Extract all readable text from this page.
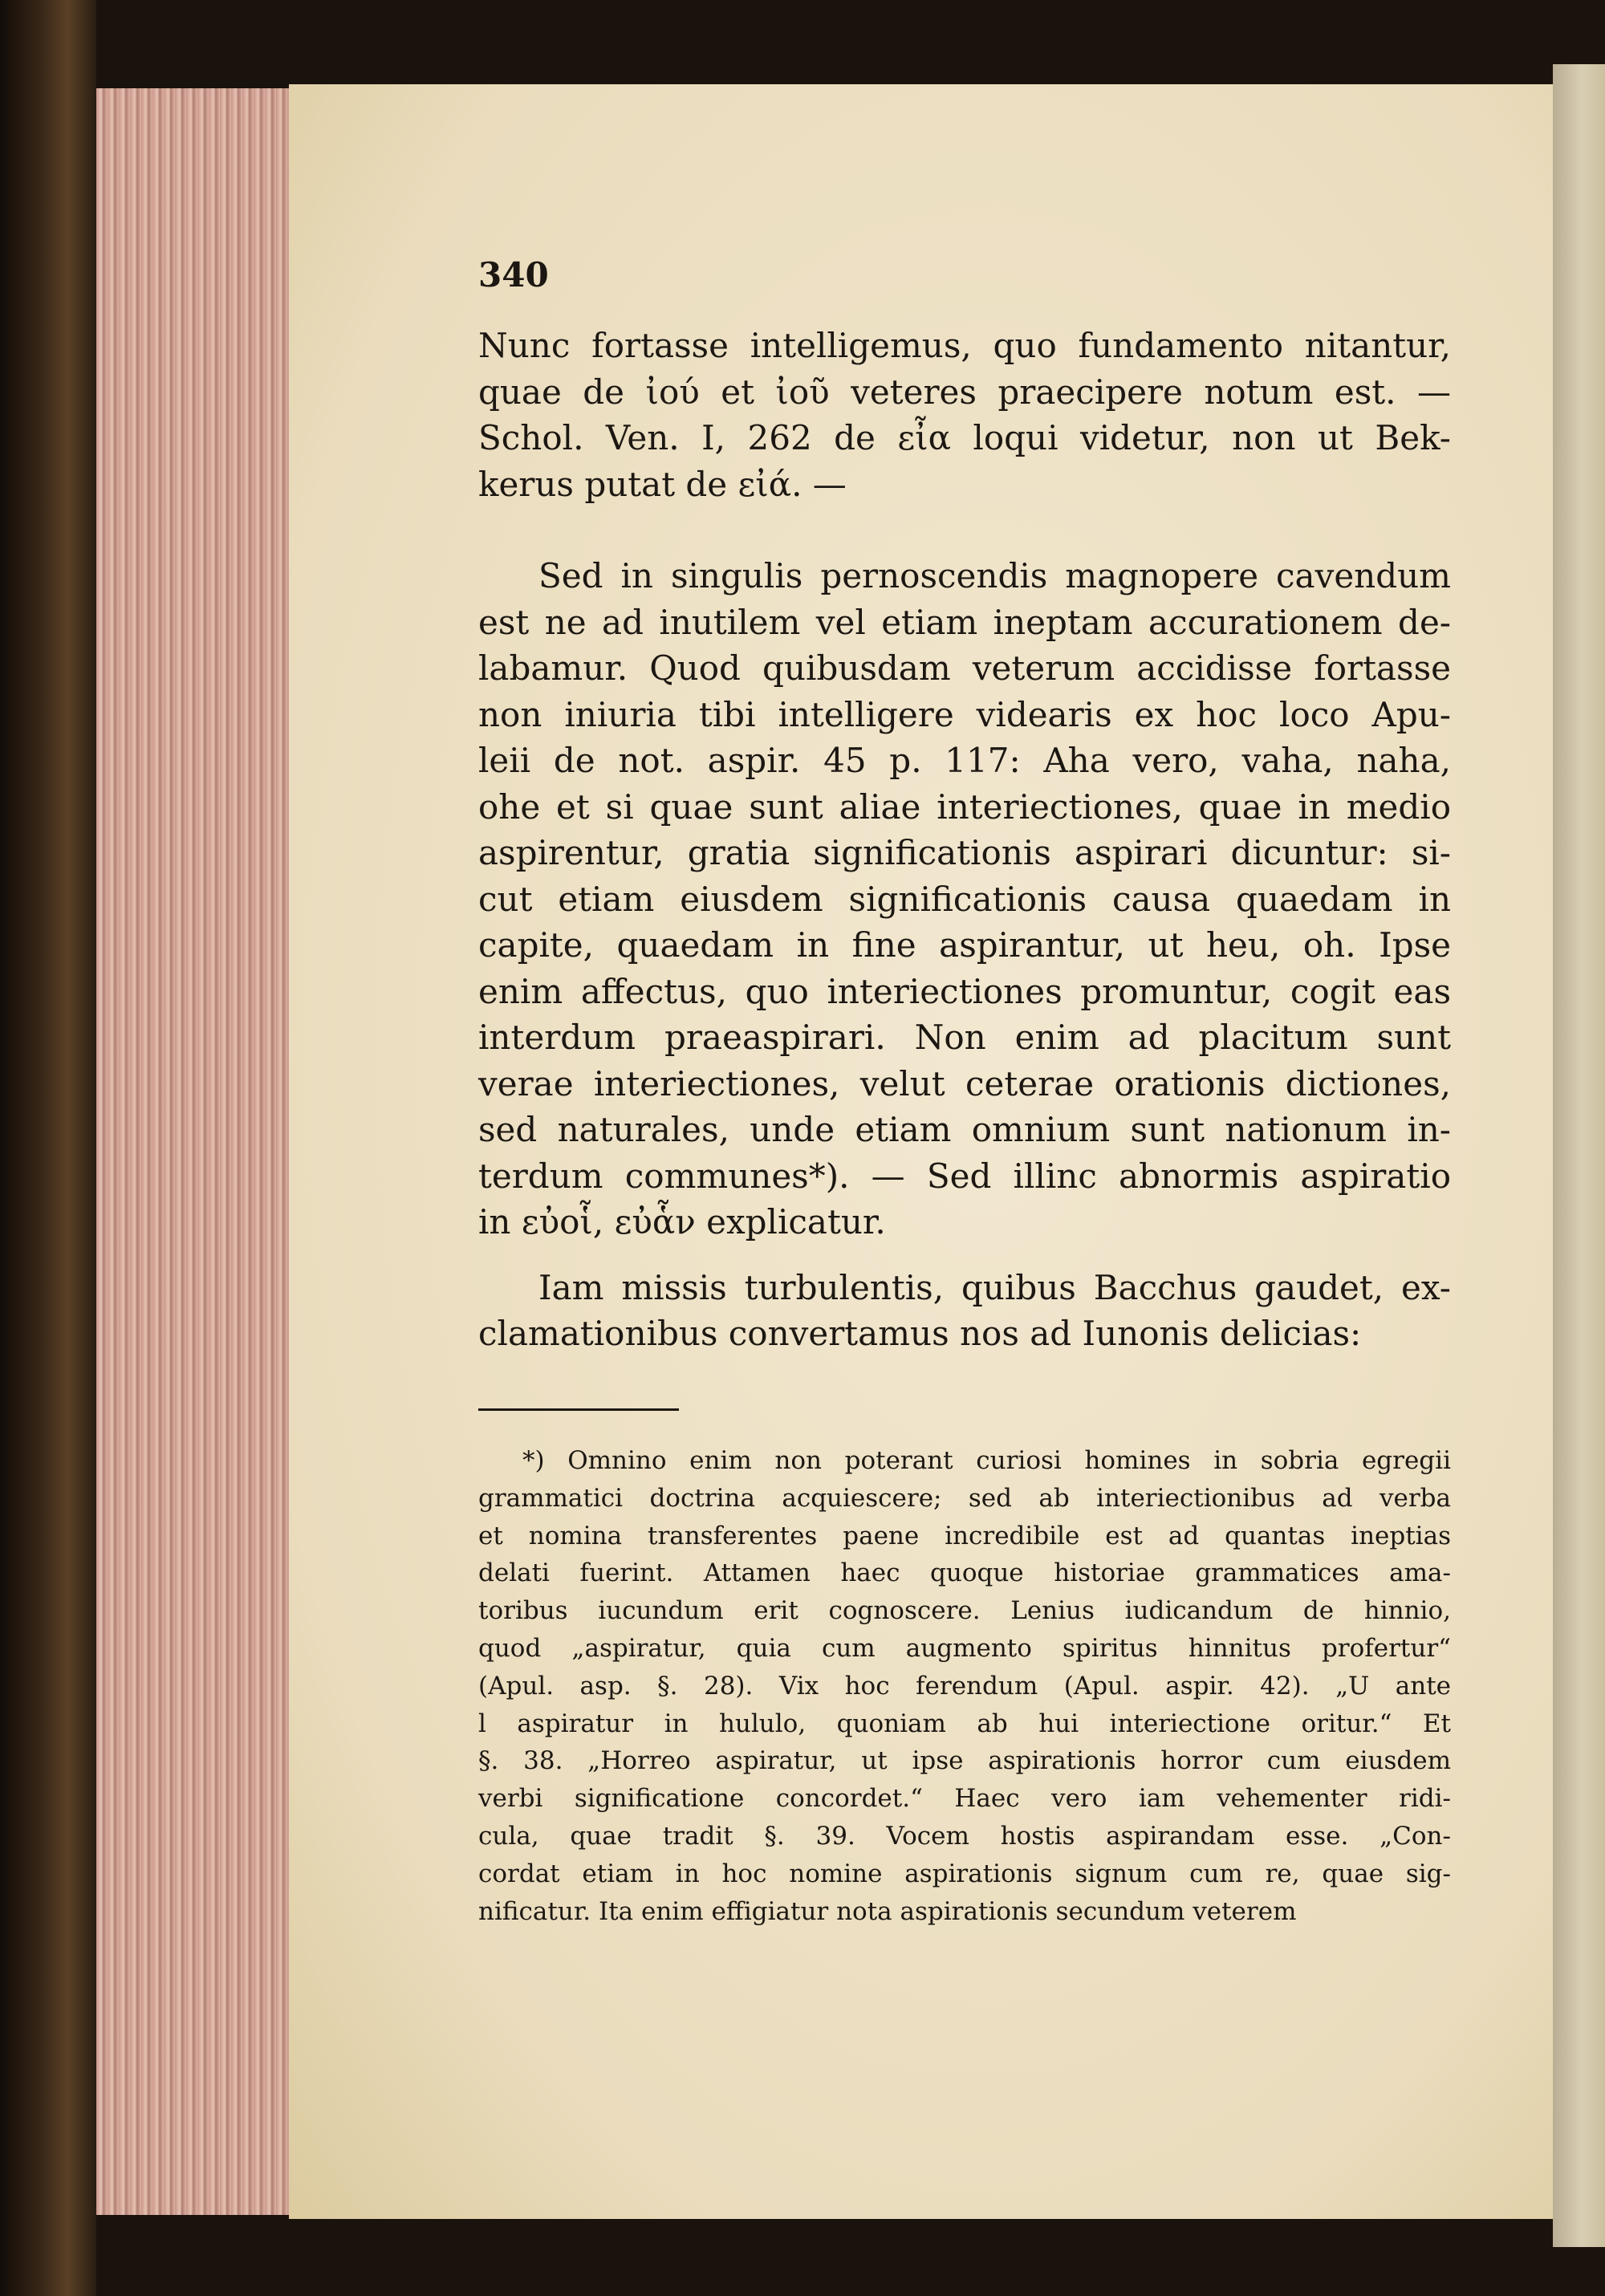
340
Nunc fortasse intelligemus, quo fundamento nitantur,
quae de ἰού et ἰοῦ veteres praecipere notum est. —
Schol. Ven. I, 262 de εἶα loqui videtur, non ut Bek-
kerus putat de εἰά. —
Sed in singulis pernoscendis magnopere cavendum
est ne ad inutilem vel etiam ineptam accurationem de-
labamur. Quod quibusdam veterum accidisse fortasse
non iniuria tibi intelligere videaris ex hoc loco Apu-
leii de not. aspir. 45 p. 117: Aha vero, vaha, naha,
ohe et si quae sunt aliae interiectiones, quae in medio
aspirentur, gratia significationis aspirari dicuntur: si-
cut etiam eiusdem significationis causa quaedam in
capite, quaedam in fine aspirantur, ut heu, oh. Ipse
enim affectus, quo interiectiones promuntur, cogit eas
interdum praeaspirari. Non enim ad placitum sunt
verae interiectiones, velut ceterae orationis dictiones,
sed naturales, unde etiam omnium sunt nationum in-
terdum communes*). — Sed illinc abnormis aspiratio
in εὐοἷ, εὐἇν explicatur.
Iam missis turbulentis, quibus Bacchus gaudet, ex-
clamationibus convertamus nos ad Iunonis delicias:
*) Omnino enim non poterant curiosi homines in sobria egregii
grammatici doctrina acquiescere; sed ab interiectionibus ad verba
et nomina transferentes paene incredibile est ad quantas ineptias
delati fuerint. Attamen haec quoque historiae grammatices ama-
toribus iucundum erit cognoscere. Lenius iudicandum de hinnio,
quod „aspiratur, quia cum augmento spiritus hinnitus profertur“
(Apul. asp. §. 28). Vix hoc ferendum (Apul. aspir. 42). „U ante
l aspiratur in hululo, quoniam ab hui interiectione oritur.“ Et
§. 38. „Horreo aspiratur, ut ipse aspirationis horror cum eiusdem
verbi significatione concordet.“ Haec vero iam vehementer ridi-
cula, quae tradit §. 39. Vocem hostis aspirandam esse. „Con-
cordat etiam in hoc nomine aspirationis signum cum re, quae sig-
nificatur. Ita enim effigiatur nota aspirationis secundum veterem
